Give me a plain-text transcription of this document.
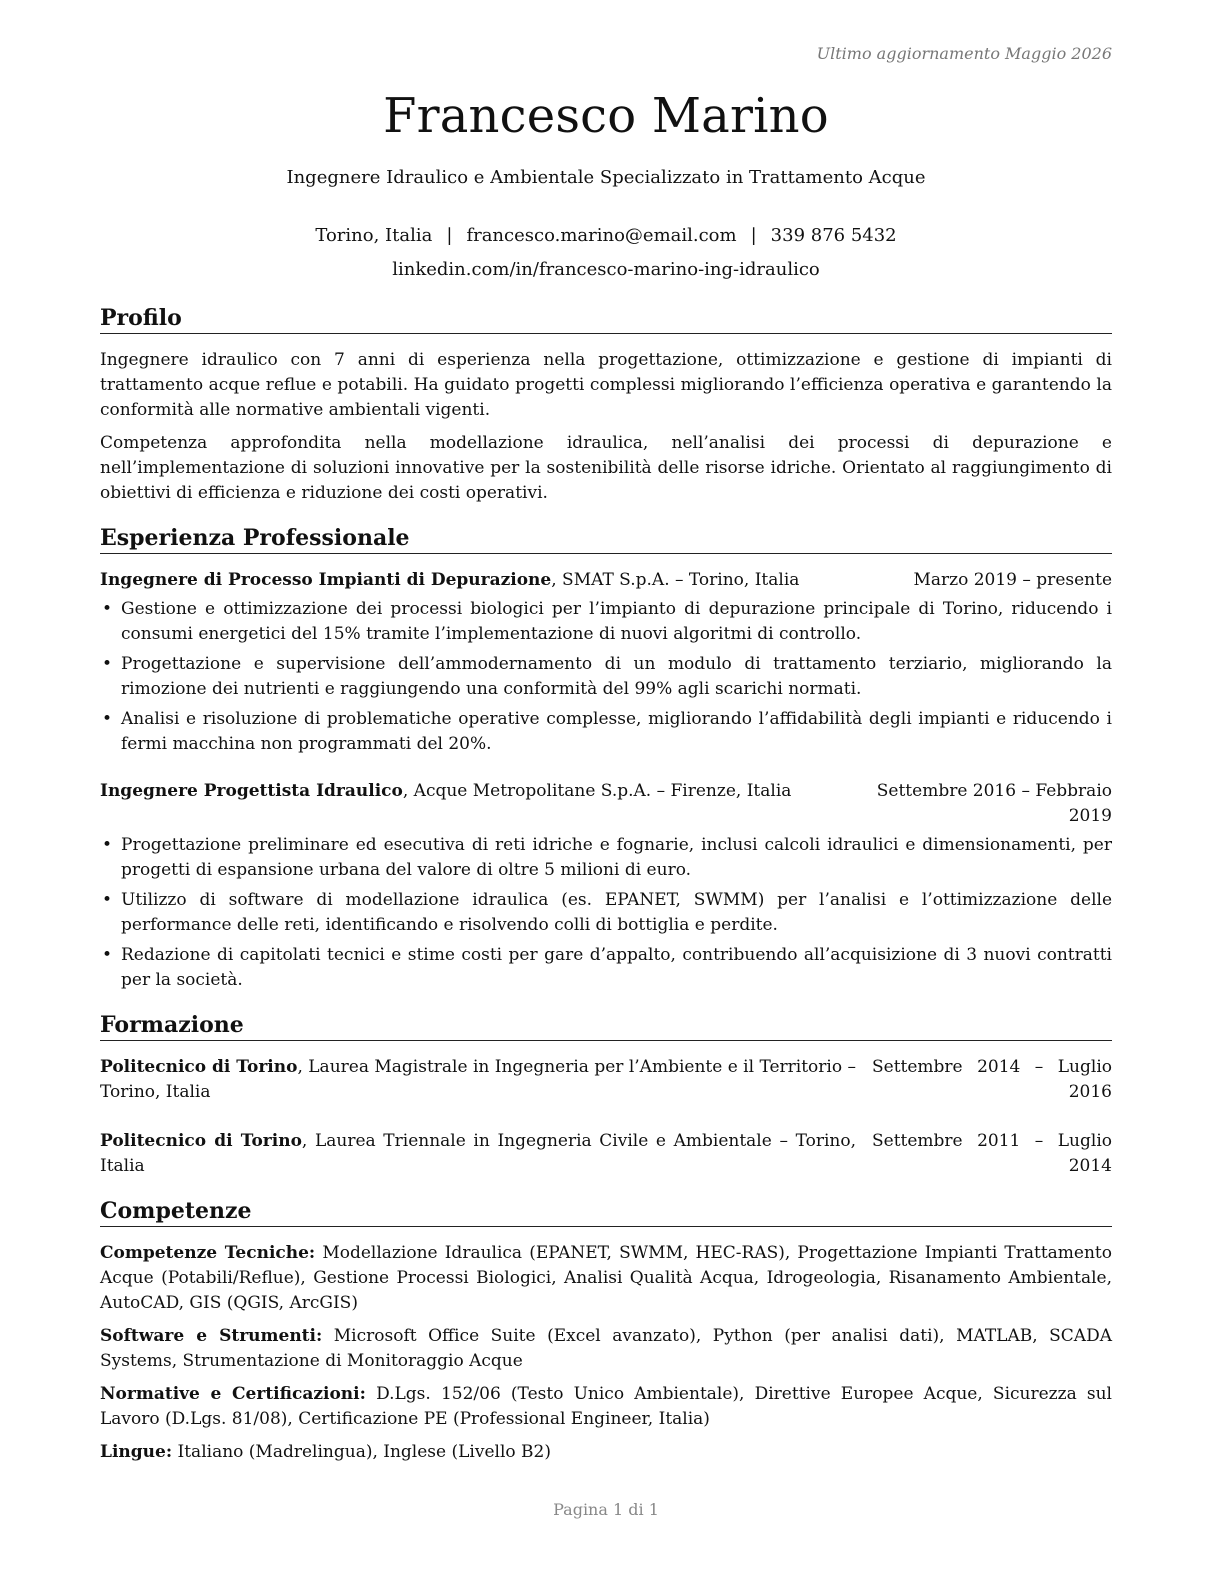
Ultimo aggiornamento Maggio 2026
Francesco Marino
Ingegnere Idraulico e Ambientale Specializzato in Trattamento Acque
Torino, Italia | francesco.marino@email.com | 339 876 5432
linkedin.com/in/francesco-marino-ing-idraulico
Profilo

Ingegnere idraulico con 7 anni di esperienza nella progettazione, ottimizzazione e gestione di impianti di trattamento acque reflue e potabili. Ha guidato progetti complessi migliorando l’efficienza operativa e garantendo la conformità alle normative ambientali vigenti.

Competenza approfondita nella modellazione idraulica, nell’analisi dei processi di depurazione e nell’implementazione di soluzioni innovative per la sostenibilità delle risorse idriche. Orientato al raggiungimento di obiettivi di efficienza e riduzione dei costi operativi.

Esperienza Professionale
Ingegnere di Processo Impianti di Depurazione, SMAT S.p.A. – Torino, Italia	Marzo 2019 – presente
• Gestione e ottimizzazione dei processi biologici per l’impianto di depurazione principale di Torino, riducendo i consumi energetici del 15% tramite l’implementazione di nuovi algoritmi di controllo.
• Progettazione e supervisione dell’ammodernamento di un modulo di trattamento terziario, migliorando la rimozione dei nutrienti e raggiungendo una conformità del 99% agli scarichi normati.
• Analisi e risoluzione di problematiche operative complesse, migliorando l’affidabilità degli impianti e riducendo i fermi macchina non programmati del 20%.
Ingegnere Progettista Idraulico, Acque Metropolitane S.p.A. – Firenze, Italia	Settembre 2016 – Febbraio 2019
• Progettazione preliminare ed esecutiva di reti idriche e fognarie, inclusi calcoli idraulici e dimensionamenti, per progetti di espansione urbana del valore di oltre 5 milioni di euro.
• Utilizzo di software di modellazione idraulica (es. EPANET, SWMM) per l’analisi e l’ottimizzazione delle performance delle reti, identificando e risolvendo colli di bottiglia e perdite.
• Redazione di capitolati tecnici e stime costi per gare d’appalto, contribuendo all’acquisizione di 3 nuovi contratti per la società.
Formazione
Politecnico di Torino, Laurea Magistrale in Ingegneria per l’Ambiente e il Territorio – Torino, Italia
Settembre 2014 – Luglio 2016
Politecnico di Torino, Laurea Triennale in Ingegneria Civile e Ambientale – Torino, Italia
Settembre 2011 – Luglio 2014
Competenze

Competenze Tecniche: Modellazione Idraulica (EPANET, SWMM, HEC-RAS), Progettazione Impianti Trattamento Acque (Potabili/Reflue), Gestione Processi Biologici, Analisi Qualità Acqua, Idrogeologia, Risanamento Ambientale, AutoCAD, GIS (QGIS, ArcGIS)

Software e Strumenti: Microsoft Office Suite (Excel avanzato), Python (per analisi dati), MATLAB, SCADA Systems, Strumentazione di Monitoraggio Acque

Normative e Certificazioni: D.Lgs. 152/06 (Testo Unico Ambientale), Direttive Europee Acque, Sicurezza sul Lavoro (D.Lgs. 81/08), Certificazione PE (Professional Engineer, Italia)

Lingue: Italiano (Madrelingua), Inglese (Livello B2)

Pagina 1 di 1
